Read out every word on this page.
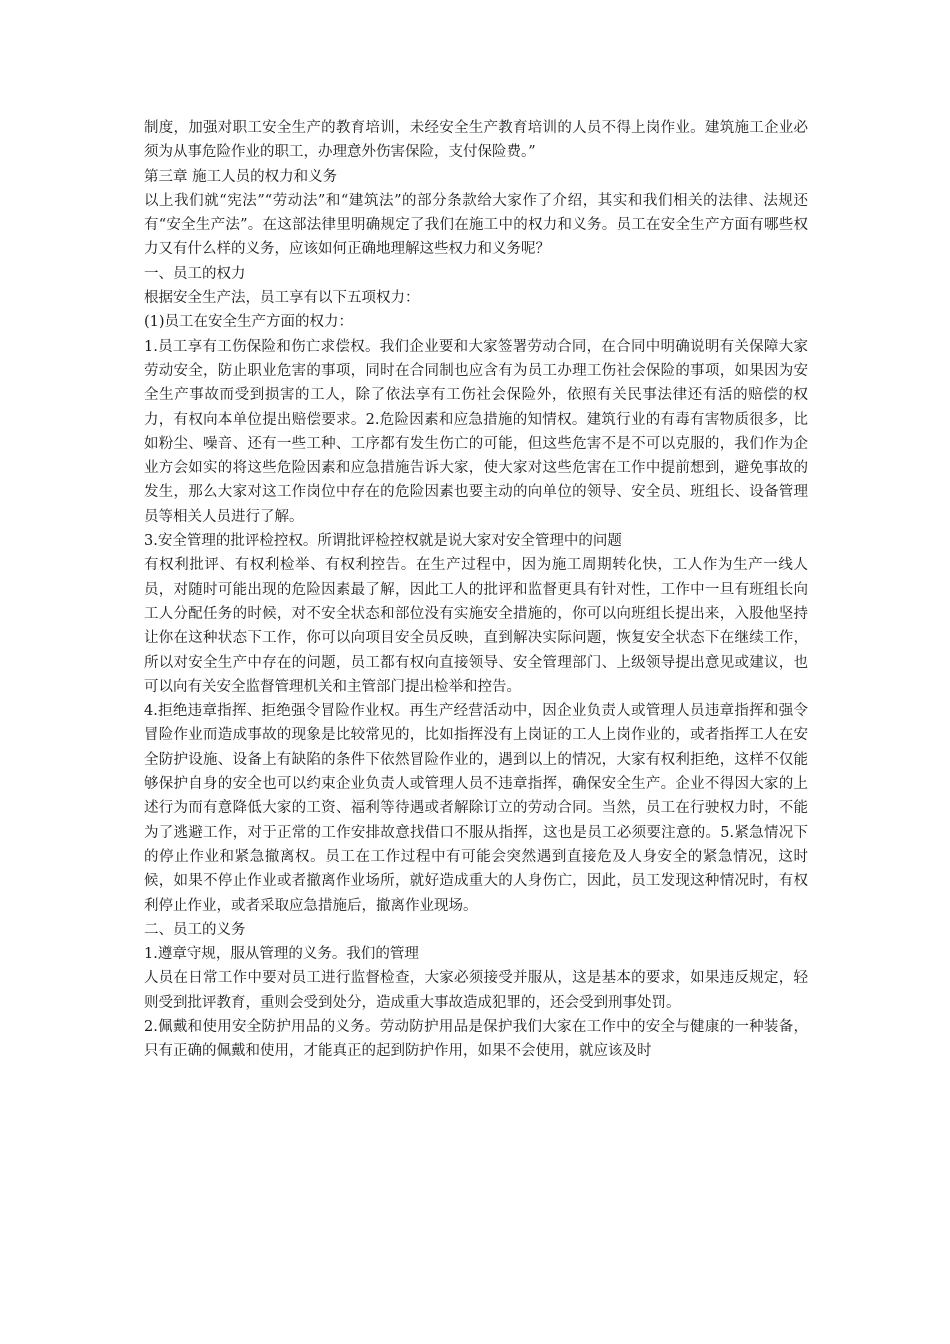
制度，加强对职工安全生产的教育培训，未经安全生产教育培训的人员不得上岗作业。建筑施工企业必须为从事危险作业的职工，办理意外伤害保险，支付保险费。”

第三章 施工人员的权力和义务

以上我们就“宪法”“劳动法”和“建筑法”的部分条款给大家作了介绍，其实和我们相关的法律、法规还有“安全生产法”。在这部法律里明确规定了我们在施工中的权力和义务。员工在安全生产方面有哪些权力又有什么样的义务，应该如何正确地理解这些权力和义务呢？

一、员工的权力

根据安全生产法，员工享有以下五项权力：

(1)员工在安全生产方面的权力：

1.员工享有工伤保险和伤亡求偿权。我们企业要和大家签署劳动合同，在合同中明确说明有关保障大家劳动安全，防止职业危害的事项，同时在合同制也应含有为员工办理工伤社会保险的事项，如果因为安全生产事故而受到损害的工人，除了依法享有工伤社会保险外，依照有关民事法律还有活的赔偿的权力，有权向本单位提出赔偿要求。2.危险因素和应急措施的知情权。建筑行业的有毒有害物质很多，比如粉尘、噪音、还有一些工种、工序都有发生伤亡的可能，但这些危害不是不可以克服的，我们作为企业方会如实的将这些危险因素和应急措施告诉大家，使大家对这些危害在工作中提前想到，避免事故的发生，那么大家对这工作岗位中存在的危险因素也要主动的向单位的领导、安全员、班组长、设备管理员等相关人员进行了解。

3.安全管理的批评检控权。所谓批评检控权就是说大家对安全管理中的问题

有权利批评、有权利检举、有权利控告。在生产过程中，因为施工周期转化快，工人作为生产一线人员，对随时可能出现的危险因素最了解，因此工人的批评和监督更具有针对性，工作中一旦有班组长向工人分配任务的时候，对不安全状态和部位没有实施安全措施的，你可以向班组长提出来，入股他坚持让你在这种状态下工作，你可以向项目安全员反映，直到解决实际问题，恢复安全状态下在继续工作，所以对安全生产中存在的问题，员工都有权向直接领导、安全管理部门、上级领导提出意见或建议，也可以向有关安全监督管理机关和主管部门提出检举和控告。

4.拒绝违章指挥、拒绝强令冒险作业权。再生产经营活动中，因企业负责人或管理人员违章指挥和强令冒险作业而造成事故的现象是比较常见的，比如指挥没有上岗证的工人上岗作业的，或者指挥工人在安全防护设施、设备上有缺陷的条件下依然冒险作业的，遇到以上的情况，大家有权利拒绝，这样不仅能够保护自身的安全也可以约束企业负责人或管理人员不违章指挥，确保安全生产。企业不得因大家的上述行为而有意降低大家的工资、福利等待遇或者解除订立的劳动合同。当然，员工在行驶权力时，不能为了逃避工作，对于正常的工作安排故意找借口不服从指挥，这也是员工必须要注意的。5.紧急情况下的停止作业和紧急撤离权。员工在工作过程中有可能会突然遇到直接危及人身安全的紧急情况，这时候，如果不停止作业或者撤离作业场所，就好造成重大的人身伤亡，因此，员工发现这种情况时，有权利停止作业，或者采取应急措施后，撤离作业现场。

二、员工的义务

1.遵章守规，服从管理的义务。我们的管理

人员在日常工作中要对员工进行监督检查，大家必须接受并服从，这是基本的要求，如果违反规定，轻则受到批评教育，重则会受到处分，造成重大事故造成犯罪的，还会受到刑事处罚。

2.佩戴和使用安全防护用品的义务。劳动防护用品是保护我们大家在工作中的安全与健康的一种装备，只有正确的佩戴和使用，才能真正的起到防护作用，如果不会使用，就应该及时
